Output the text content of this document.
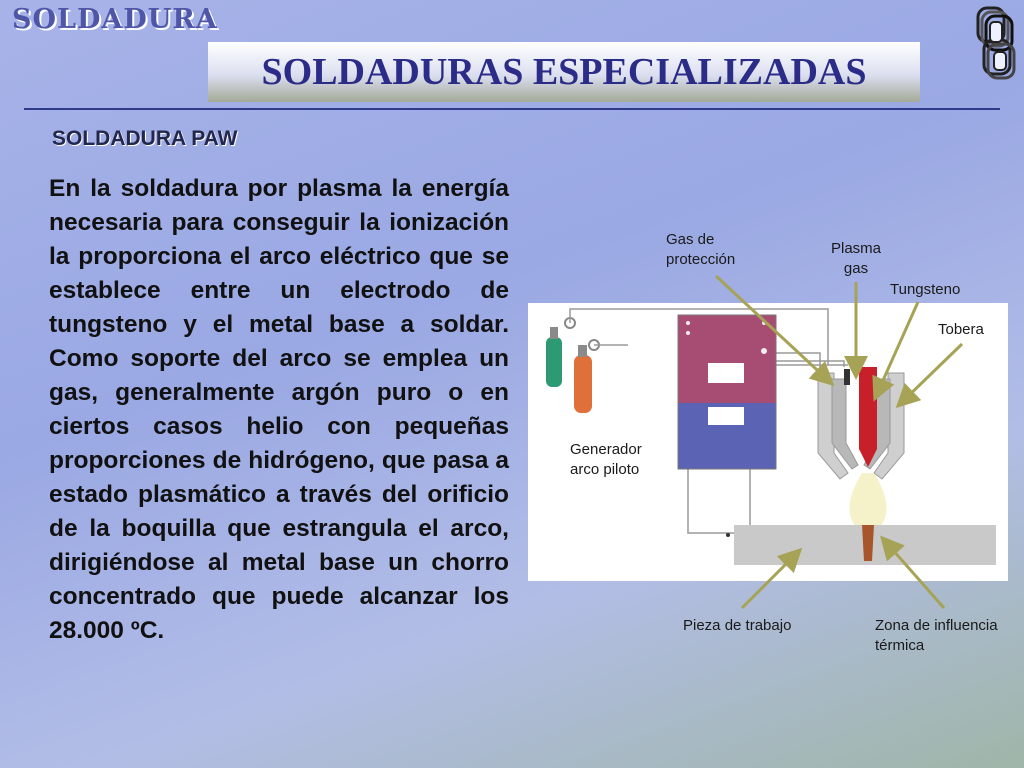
SOLDADURA
SOLDADURAS ESPECIALIZADAS
SOLDADURA PAW
En la soldadura por plasma la energía necesaria para conseguir la ionización la proporciona el arco eléctrico que se establece entre un electrodo de tungsteno y el metal base a soldar. Como soporte del arco se emplea un gas, generalmente argón puro o en ciertos casos helio con pequeñas proporciones de hidrógeno, que pasa a estado plasmático a través del orificio de la boquilla que estrangula el arco, dirigiéndose al metal base un chorro concentrado que puede alcanzar los 28.000 ºC.
Gas de
protección
Plasma
gas
Tungsteno
Tobera
Generador
arco piloto
Pieza de trabajo	Zona de influencia
térmica
